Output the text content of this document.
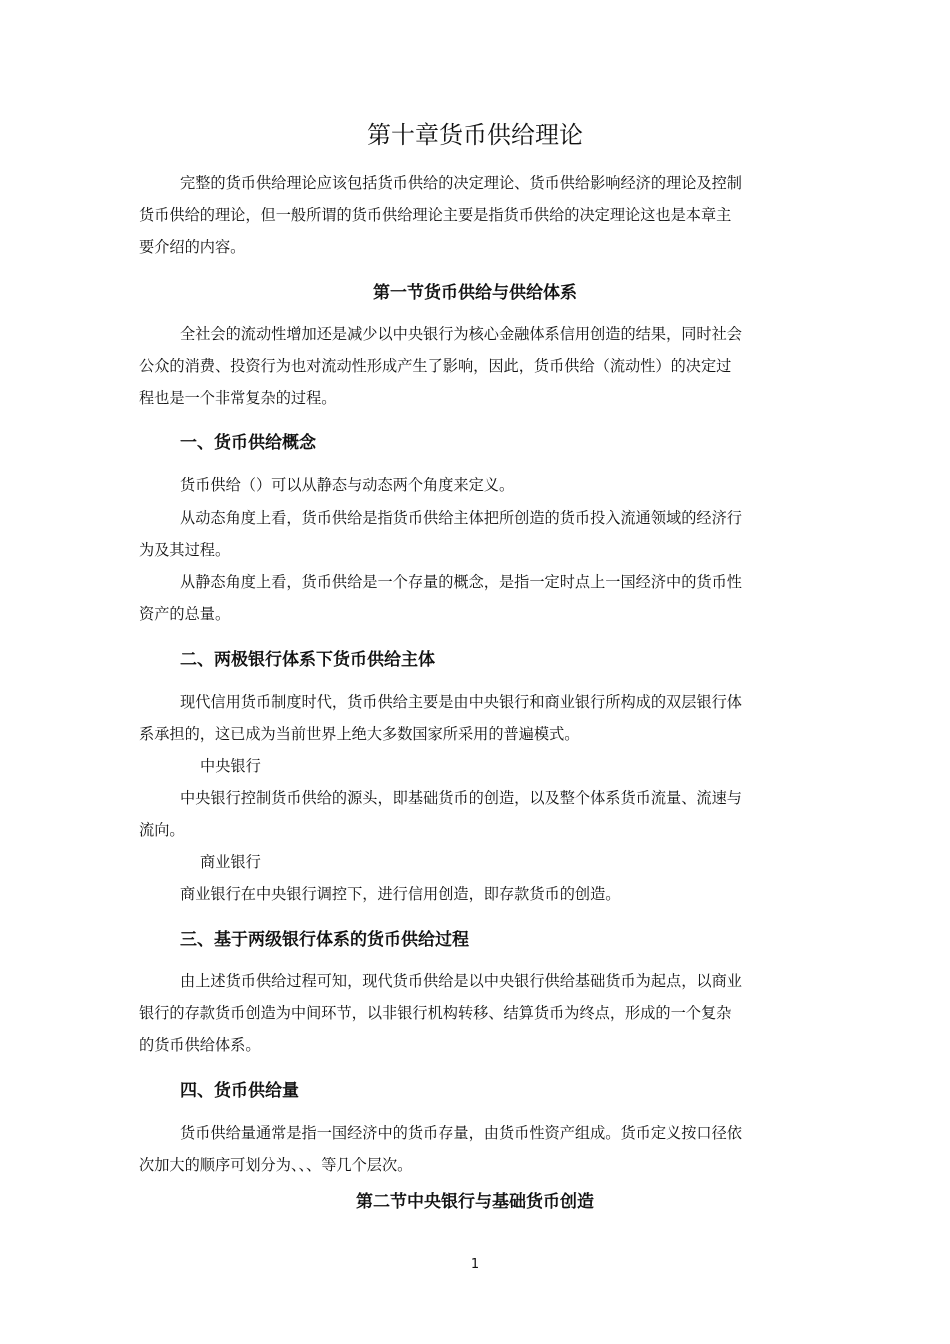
第十章货币供给理论

完整的货币供给理论应该包括货币供给的决定理论、货币供给影响经济的理论及控制

货币供给的理论，但一般所谓的货币供给理论主要是指货币供给的决定理论这也是本章主

要介绍的内容。

第一节货币供给与供给体系

全社会的流动性增加还是减少以中央银行为核心金融体系信用创造的结果，同时社会

公众的消费、投资行为也对流动性形成产生了影响，因此，货币供给（流动性）的决定过

程也是一个非常复杂的过程。

一、货币供给概念

货币供给（）可以从静态与动态两个角度来定义。

从动态角度上看，货币供给是指货币供给主体把所创造的货币投入流通领域的经济行

为及其过程。

从静态角度上看，货币供给是一个存量的概念，是指一定时点上一国经济中的货币性

资产的总量。

二、两极银行体系下货币供给主体

现代信用货币制度时代，货币供给主要是由中央银行和商业银行所构成的双层银行体

系承担的，这已成为当前世界上绝大多数国家所采用的普遍模式。

中央银行

中央银行控制货币供给的源头，即基础货币的创造，以及整个体系货币流量、流速与

流向。

商业银行

商业银行在中央银行调控下，进行信用创造，即存款货币的创造。

三、基于两级银行体系的货币供给过程

由上述货币供给过程可知，现代货币供给是以中央银行供给基础货币为起点，以商业

银行的存款货币创造为中间环节，以非银行机构转移、结算货币为终点，形成的一个复杂

的货币供给体系。

四、货币供给量

货币供给量通常是指一国经济中的货币存量，由货币性资产组成。货币定义按口径依

次加大的顺序可划分为、、、等几个层次。

第二节中央银行与基础货币创造
1
